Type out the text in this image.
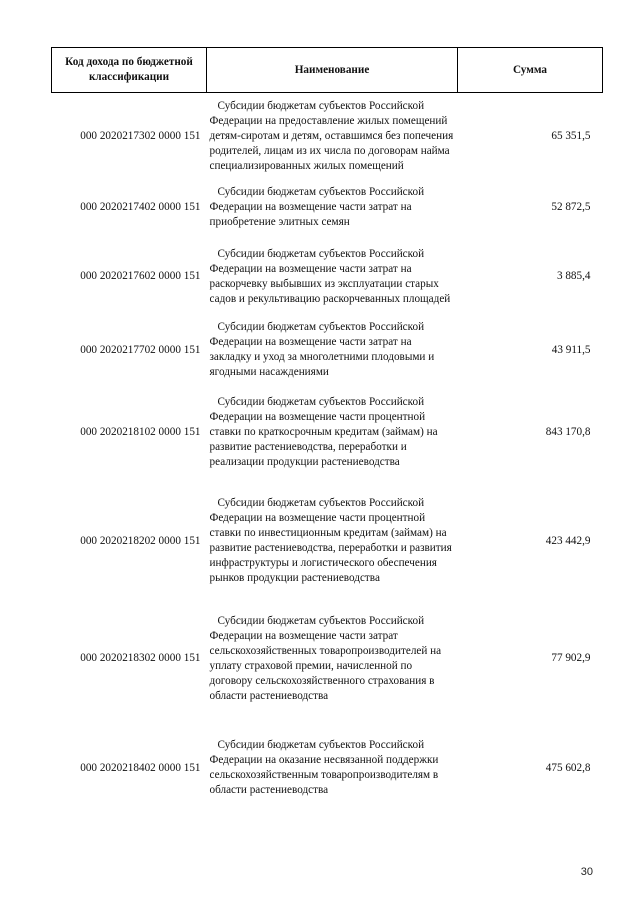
Код дохода по бюджетной классификации	Наименование	Сумма
000 2020217302 0000 151	Субсидии бюджетам субъектов Российской Федерации на предоставление жилых помещений детям-сиротам и детям, оставшимся без попечения родителей, лицам из их числа по договорам найма специализированных жилых помещений	65 351,5
000 2020217402 0000 151	Субсидии бюджетам субъектов Российской Федерации на возмещение части затрат на приобретение элитных семян	52 872,5
000 2020217602 0000 151	Субсидии бюджетам субъектов Российской Федерации на возмещение части затрат на раскорчевку выбывших из эксплуатации старых садов и рекультивацию раскорчеванных площадей	3 885,4
000 2020217702 0000 151	Субсидии бюджетам субъектов Российской Федерации на возмещение части затрат на закладку и уход за многолетними плодовыми и ягодными насаждениями	43 911,5
000 2020218102 0000 151	Субсидии бюджетам субъектов Российской Федерации на возмещение части процентной ставки по краткосрочным кредитам (займам) на развитие растениеводства, переработки и реализации продукции растениеводства	843 170,8
000 2020218202 0000 151	Субсидии бюджетам субъектов Российской Федерации на возмещение части процентной ставки по инвестиционным кредитам (займам) на развитие растениеводства, переработки и развития инфраструктуры и логистического обеспечения рынков продукции растениеводства	423 442,9
000 2020218302 0000 151	Субсидии бюджетам субъектов Российской Федерации на возмещение части затрат сельскохозяйственных товаропроизводителей на уплату страховой премии, начисленной по договору сельскохозяйственного страхования в области растениеводства	77 902,9
000 2020218402 0000 151	Субсидии бюджетам субъектов Российской Федерации на оказание несвязанной поддержки сельскохозяйственным товаропроизводителям в области растениеводства	475 602,8
30
